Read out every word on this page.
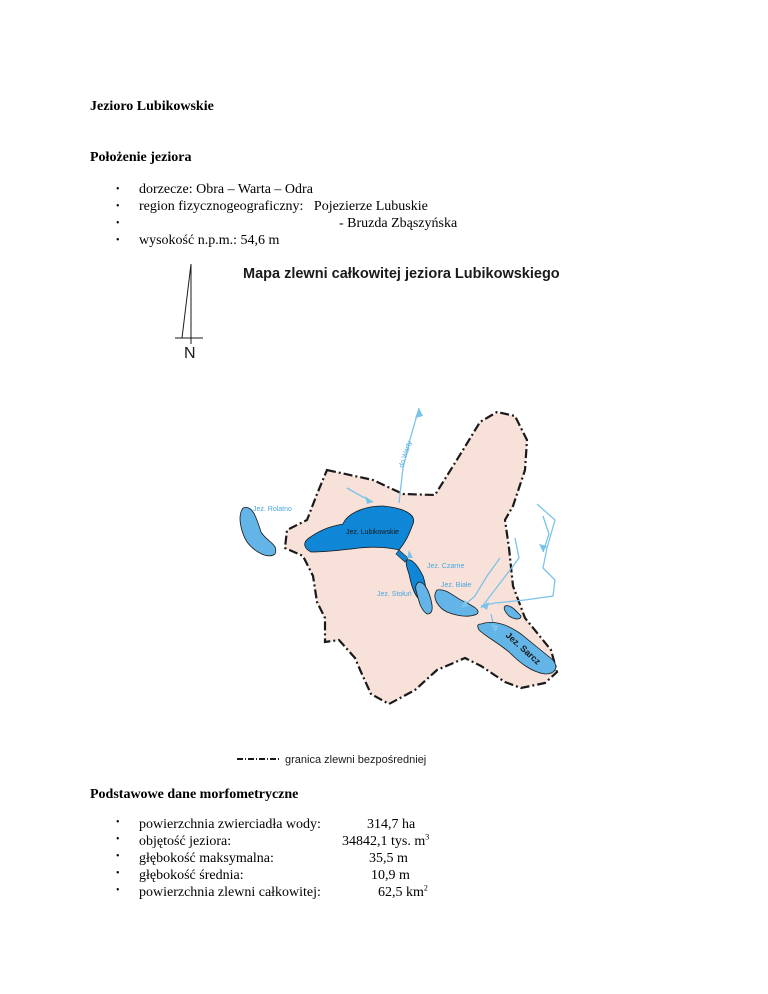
Jezioro Lubikowskie
Położenie jeziora
• dorzecze: Obra – Warta – Odra
• region fizycznogeograficzny:   Pojezierze Lubuskie
•	- Bruzda Zbąszyńska
• wysokość n.p.m.: 54,6 m
Mapa zlewni całkowitej jeziora Lubikowskiego
N
do Warty
Jez. Rolatno
Jez. Lubikowskie
Jez. Czarne
Jez. Białe
Jez. Stołuń
Jez. Sarcz
granica zlewni bezpośredniej
Podstawowe dane morfometryczne
• powierzchnia zwierciadła wody:	314,7 ha
• objętość jeziora:	34842,1 tys. $m^3$
• głębokość maksymalna:	35,5 m
• głębokość średnia:	10,9 m
• powierzchnia zlewni całkowitej:	62,5 $km^2$
